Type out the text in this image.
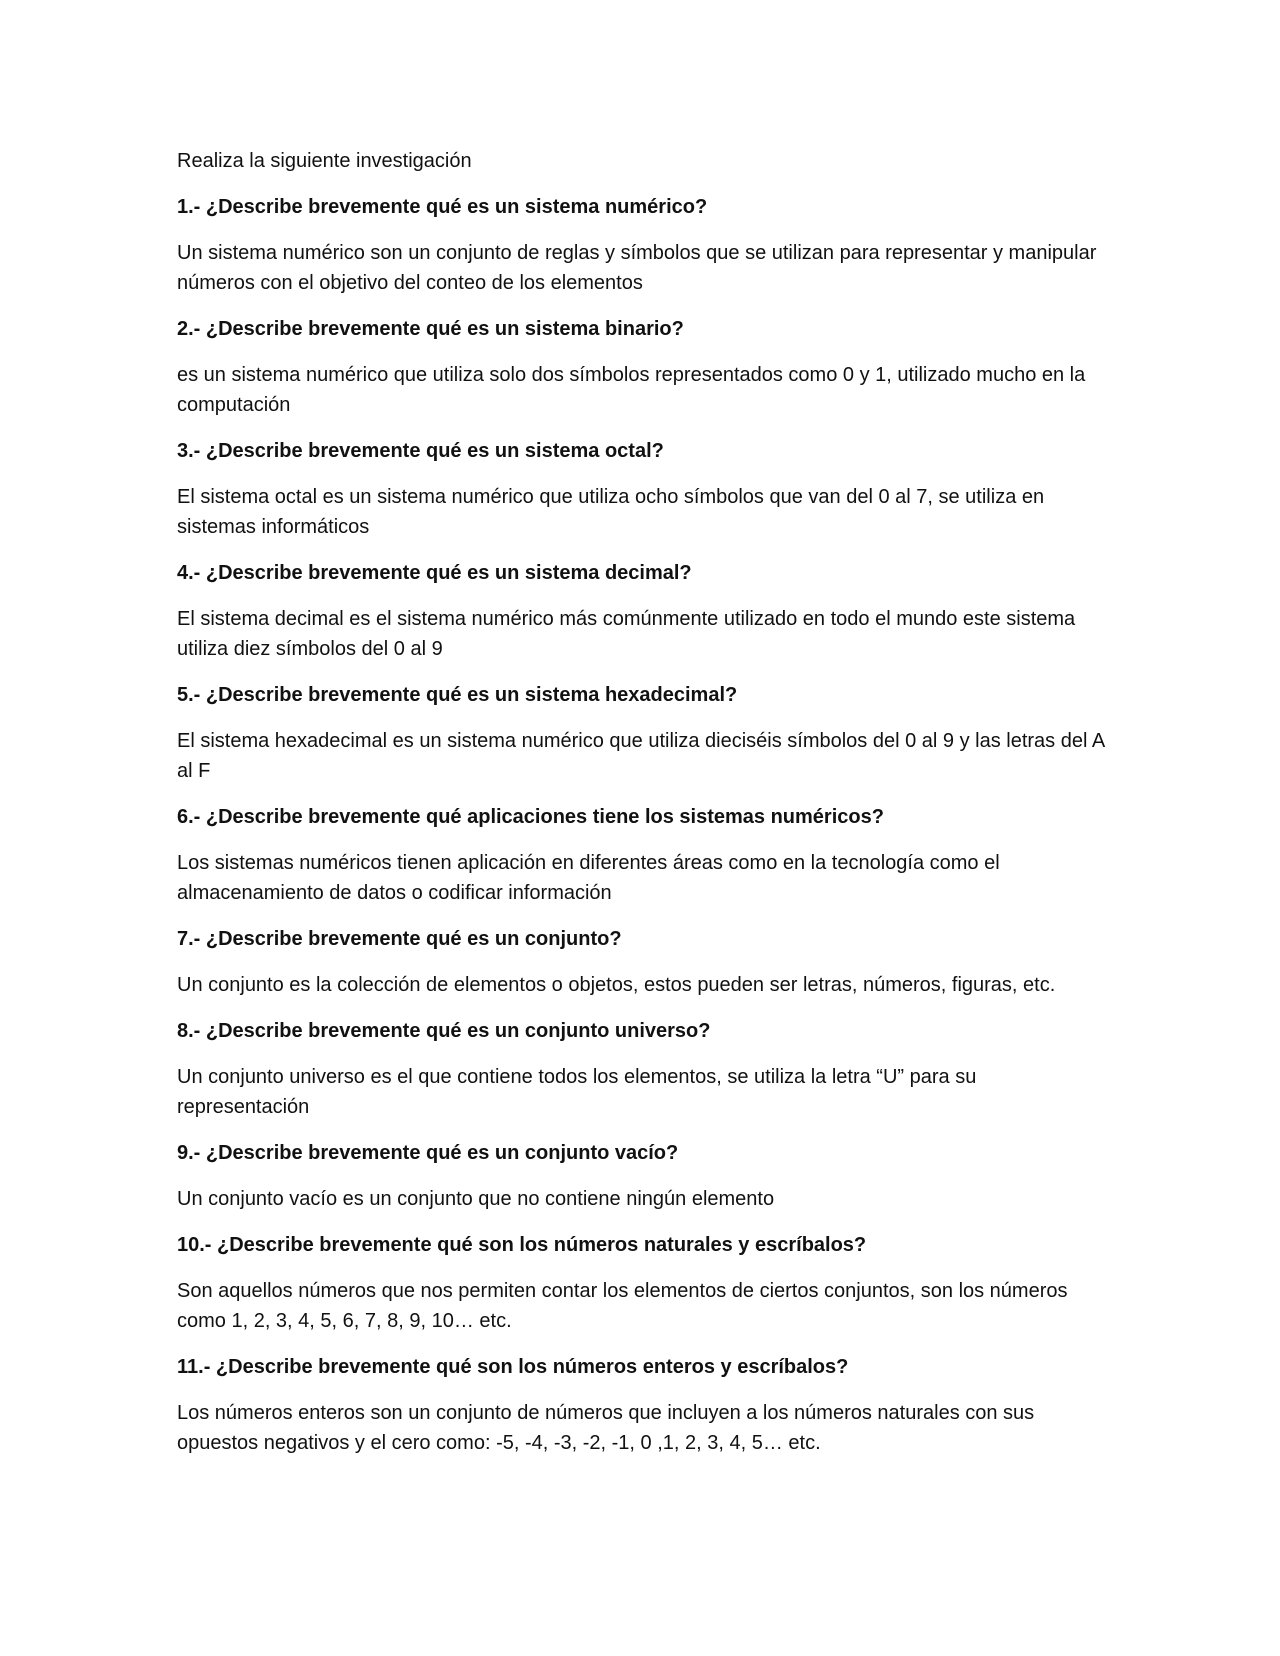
Realiza la siguiente investigación

1.- ¿Describe brevemente qué es un sistema numérico?

Un sistema numérico son un conjunto de reglas y símbolos que se utilizan para representar y manipular números con el objetivo del conteo de los elementos

2.- ¿Describe brevemente qué es un sistema binario?

es un sistema numérico que utiliza solo dos símbolos representados como 0 y 1, utilizado mucho en la computación

3.- ¿Describe brevemente qué es un sistema octal?

El sistema octal es un sistema numérico que utiliza ocho símbolos que van del 0 al 7, se utiliza en sistemas informáticos

4.- ¿Describe brevemente qué es un sistema decimal?

El sistema decimal es el sistema numérico más comúnmente utilizado en todo el mundo este sistema utiliza diez símbolos del 0 al 9

5.- ¿Describe brevemente qué es un sistema hexadecimal?

El sistema hexadecimal es un sistema numérico que utiliza dieciséis símbolos del 0 al 9 y las letras del A al F

6.- ¿Describe brevemente qué aplicaciones tiene los sistemas numéricos?

Los sistemas numéricos tienen aplicación en diferentes áreas como en la tecnología como el almacenamiento de datos o codificar información

7.- ¿Describe brevemente qué es un conjunto?

Un conjunto es la colección de elementos o objetos, estos pueden ser letras, números, figuras, etc.

8.- ¿Describe brevemente qué es un conjunto universo?

Un conjunto universo es el que contiene todos los elementos, se utiliza la letra “U” para su representación

9.- ¿Describe brevemente qué es un conjunto vacío?

Un conjunto vacío es un conjunto que no contiene ningún elemento

10.- ¿Describe brevemente qué son los números naturales y escríbalos?

Son aquellos números que nos permiten contar los elementos de ciertos conjuntos, son los números como 1, 2, 3, 4, 5, 6, 7, 8, 9, 10… etc.

11.- ¿Describe brevemente qué son los números enteros y escríbalos?

Los números enteros son un conjunto de números que incluyen a los números naturales con sus opuestos negativos y el cero como: -5, -4, -3, -2, -1, 0 ,1, 2, 3, 4, 5… etc.
